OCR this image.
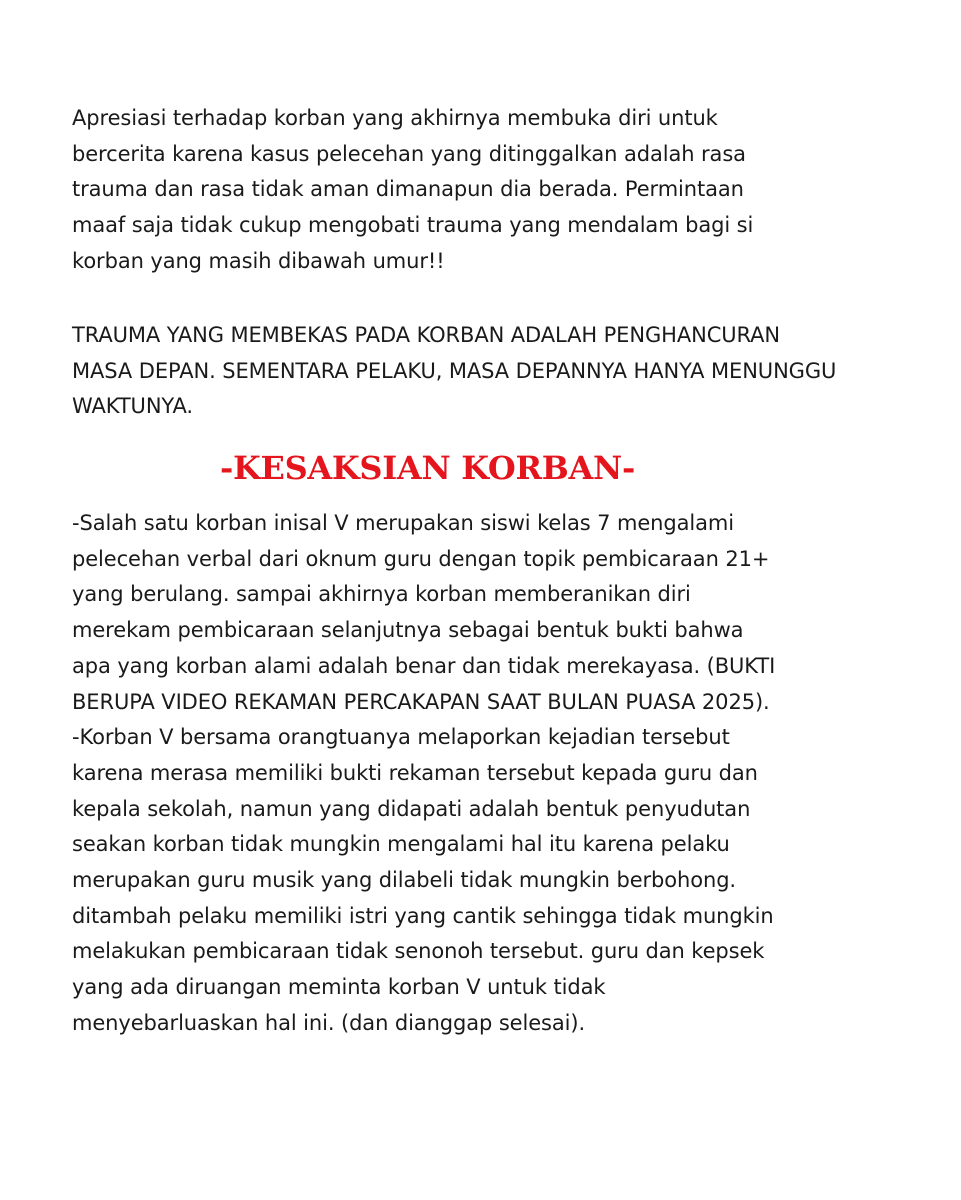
Apresiasi terhadap korban yang akhirnya membuka diri untuk
bercerita karena kasus pelecehan yang ditinggalkan adalah rasa
trauma dan rasa tidak aman dimanapun dia berada. Permintaan
maaf saja tidak cukup mengobati trauma yang mendalam bagi si
korban yang masih dibawah umur!!

TRAUMA YANG MEMBEKAS PADA KORBAN ADALAH PENGHANCURAN
MASA DEPAN. SEMENTARA PELAKU, MASA DEPANNYA HANYA MENUNGGU
WAKTUNYA.

-KESAKSIAN KORBAN-

-Salah satu korban inisal V merupakan siswi kelas 7 mengalami
pelecehan verbal dari oknum guru dengan topik pembicaraan 21+
yang berulang. sampai akhirnya korban memberanikan diri
merekam pembicaraan selanjutnya sebagai bentuk bukti bahwa
apa yang korban alami adalah benar dan tidak merekayasa. (BUKTI
BERUPA VIDEO REKAMAN PERCAKAPAN SAAT BULAN PUASA 2025).
-Korban V bersama orangtuanya melaporkan kejadian tersebut
karena merasa memiliki bukti rekaman tersebut kepada guru dan
kepala sekolah, namun yang didapati adalah bentuk penyudutan
seakan korban tidak mungkin mengalami hal itu karena pelaku
merupakan guru musik yang dilabeli tidak mungkin berbohong.
ditambah pelaku memiliki istri yang cantik sehingga tidak mungkin
melakukan pembicaraan tidak senonoh tersebut. guru dan kepsek
yang ada diruangan meminta korban V untuk tidak
menyebarluaskan hal ini. (dan dianggap selesai).
